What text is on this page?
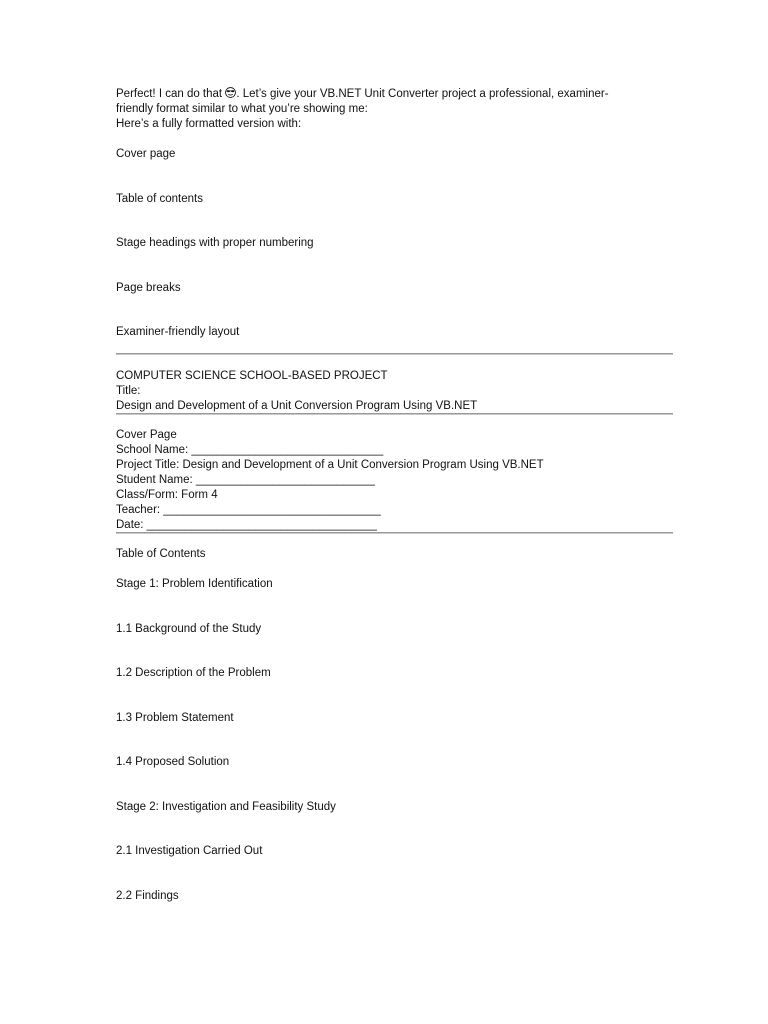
Perfect! I can do that . Let’s give your VB.NET Unit Converter project a professional, examiner-
friendly format similar to what you’re showing me:
Here’s a fully formatted version with:
Cover page
Table of contents
Stage headings with proper numbering
Page breaks
Examiner-friendly layout
COMPUTER SCIENCE SCHOOL-BASED PROJECT
Title:
Design and Development of a Unit Conversion Program Using VB.NET
Cover Page
School Name: ______________________________
Project Title: Design and Development of a Unit Conversion Program Using VB.NET
Student Name: ____________________________
Class/Form: Form 4
Teacher: __________________________________
Date: ____________________________________
Table of Contents
Stage 1: Problem Identification
1.1 Background of the Study
1.2 Description of the Problem
1.3 Problem Statement
1.4 Proposed Solution
Stage 2: Investigation and Feasibility Study
2.1 Investigation Carried Out
2.2 Findings
